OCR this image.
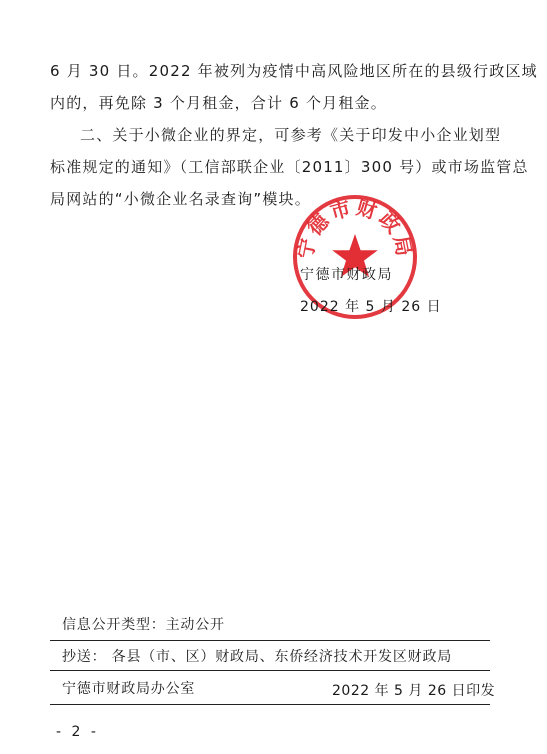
6 月 30 日。2022 年被列为疫情中高风险地区所在的县级行政区域
内的，再免除 3 个月租金，合计 6 个月租金。
二、关于小微企业的界定，可参考《关于印发中小企业划型
标准规定的通知》（工信部联企业〔2011〕300 号）或市场监管总
局网站的“小微企业名录查询”模块。
宁德市财政局
宁德市财政局
2022 年 5 月 26 日
信息公开类型：主动公开
抄送： 各县（市、区）财政局、东侨经济技术开发区财政局
宁德市财政局办公室	2022 年 5 月 26 日印发
- 2 -
